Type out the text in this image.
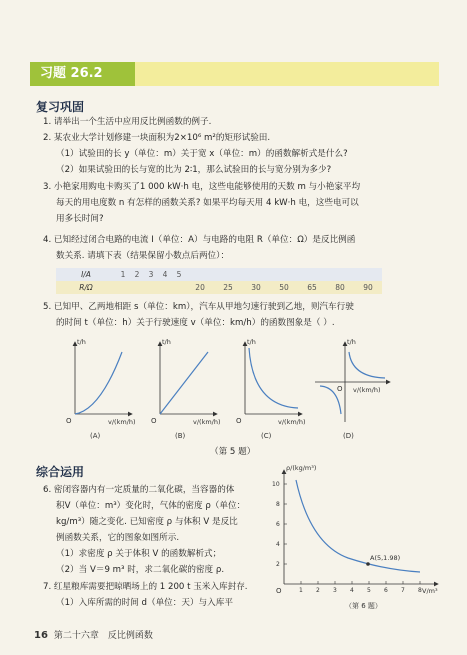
习题 26.2
复习巩固
1. 请举出一个生活中应用反比例函数的例子.
2. 某农业大学计划修建一块面积为2×10⁶ m²的矩形试验田.
（1）试验田的长 y（单位：m）关于宽 x（单位：m）的函数解析式是什么?
（2）如果试验田的长与宽的比为 2∶1，那么试验田的长与宽分别为多少?
3. 小艳家用购电卡购买了1 000 kW·h 电，这些电能够使用的天数 m 与小艳家平均
每天的用电度数 n 有怎样的函数关系? 如果平均每天用 4 kW·h 电，这些电可以
用多长时间?
4. 已知经过闭合电路的电流 I（单位：A）与电路的电阻 R（单位：Ω）是反比例函
数关系. 请填下表（结果保留小数点后两位）：
I/A	1	2	3	4	5							
R/Ω						20	25	30	50	65	80	90
5. 已知甲、乙两地相距 s（单位：km），汽车从甲地匀速行驶到乙地，则汽车行驶
的时间 t（单位：h）关于行驶速度 v（单位：km/h）的函数图象是（ ）.
t/h
v/(km/h)
O
(A)
t/h
v/(km/h)
O
(B)
t/h
v/(km/h)
O
(C)
t/h
v/(km/h)
O
(D)
（第 5 题）
综合运用
6. 密闭容器内有一定质量的二氧化碳，当容器的体
积V（单位：m³）变化时，气体的密度 ρ（单位：
kg/m³）随之变化. 已知密度 ρ 与体积 V 是反比
例函数关系，它的图象如图所示.
（1）求密度 ρ 关于体积 V 的函数解析式；
（2）当 V＝9 m³ 时，求二氧化碳的密度 ρ.
7. 红星粮库需要把晾晒场上的 1 200 t 玉米入库封存.
（1）入库所需的时间 d（单位：天）与入库平
1 2 3 4 5 6 7 8
2
4
6
8
10
A(5,1.98)
ρ/(kg/m³)
V/m³
O
（第 6 题）
16 第二十六章　反比例函数
